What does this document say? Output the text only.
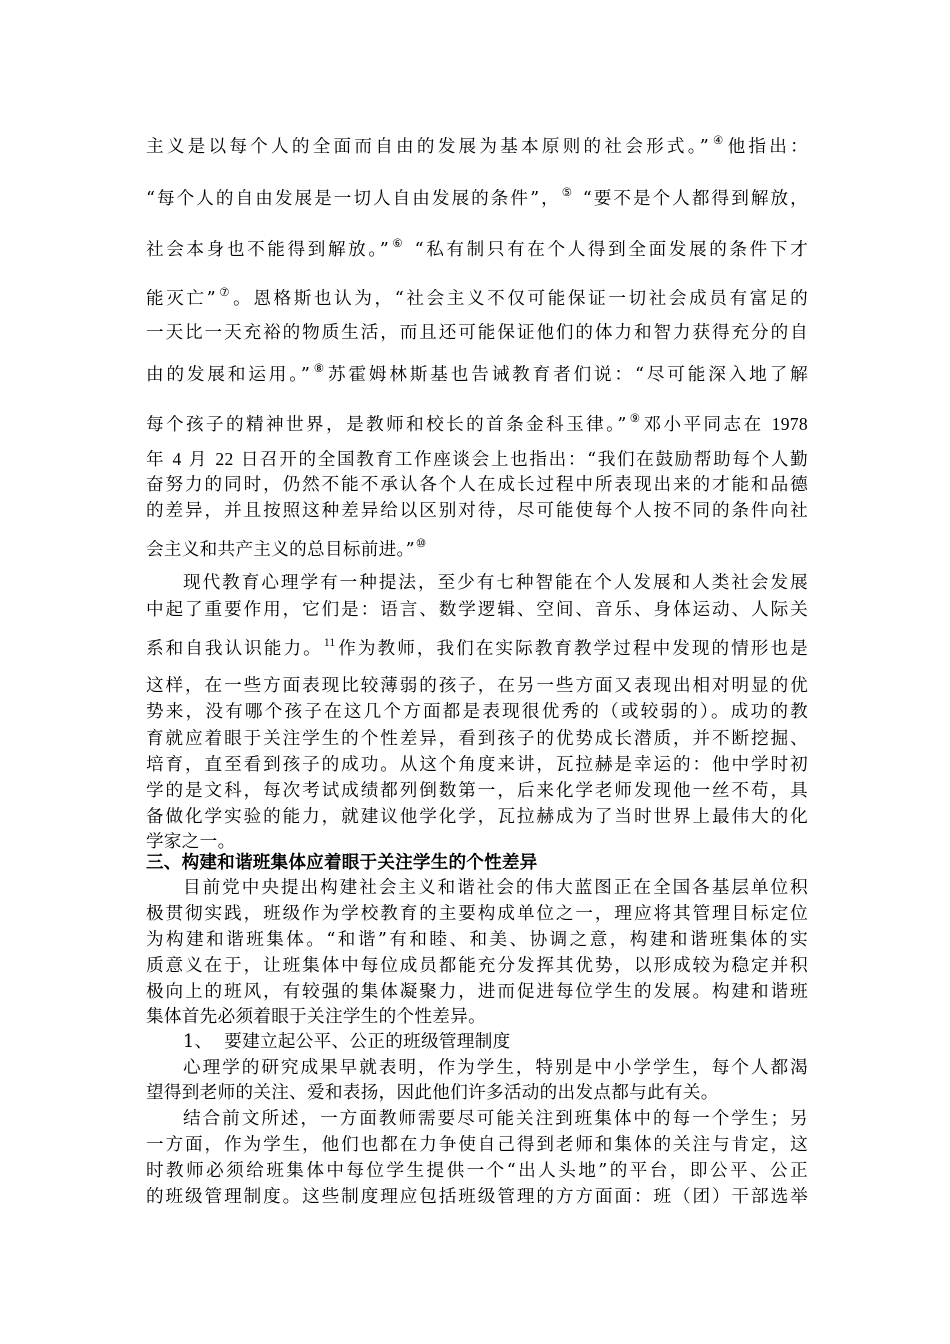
主义是以每个人的全面而自由的发展为基本原则的社会形式。”④他指出：

“每个人的自由发展是一切人自由发展的条件”，⑤ “要不是个人都得到解放，

社会本身也不能得到解放。”⑥ “私有制只有在个人得到全面发展的条件下才

能灭亡”⑦。恩格斯也认为，“社会主义不仅可能保证一切社会成员有富足的

一天比一天充裕的物质生活，而且还可能保证他们的体力和智力获得充分的自

由的发展和运用。”⑧苏霍姆林斯基也告诫教育者们说：“尽可能深入地了解

每个孩子的精神世界，是教师和校长的首条金科玉律。”⑨邓小平同志在 1978

年 4 月 22 日召开的全国教育工作座谈会上也指出：“我们在鼓励帮助每个人勤

奋努力的同时，仍然不能不承认各个人在成长过程中所表现出来的才能和品德

的差异，并且按照这种差异给以区别对待，尽可能使每个人按不同的条件向社

会主义和共产主义的总目标前进。”⑩

现代教育心理学有一种提法，至少有七种智能在个人发展和人类社会发展

中起了重要作用，它们是：语言、数学逻辑、空间、音乐、身体运动、人际关

系和自我认识能力。$^{11}$作为教师，我们在实际教育教学过程中发现的情形也是

这样，在一些方面表现比较薄弱的孩子，在另一些方面又表现出相对明显的优

势来，没有哪个孩子在这几个方面都是表现很优秀的（或较弱的）。成功的教

育就应着眼于关注学生的个性差异，看到孩子的优势成长潜质，并不断挖掘、

培育，直至看到孩子的成功。从这个角度来讲，瓦拉赫是幸运的：他中学时初

学的是文科，每次考试成绩都列倒数第一，后来化学老师发现他一丝不苟，具

备做化学实验的能力，就建议他学化学，瓦拉赫成为了当时世界上最伟大的化

学家之一。

三、构建和谐班集体应着眼于关注学生的个性差异

目前党中央提出构建社会主义和谐社会的伟大蓝图正在全国各基层单位积

极贯彻实践，班级作为学校教育的主要构成单位之一，理应将其管理目标定位

为构建和谐班集体。“和谐”有和睦、和美、协调之意，构建和谐班集体的实

质意义在于，让班集体中每位成员都能充分发挥其优势，以形成较为稳定并积

极向上的班风，有较强的集体凝聚力，进而促进每位学生的发展。构建和谐班

集体首先必须着眼于关注学生的个性差异。

1、 要建立起公平、公正的班级管理制度

心理学的研究成果早就表明，作为学生，特别是中小学学生，每个人都渴

望得到老师的关注、爱和表扬，因此他们许多活动的出发点都与此有关。

结合前文所述，一方面教师需要尽可能关注到班集体中的每一个学生；另

一方面，作为学生，他们也都在力争使自己得到老师和集体的关注与肯定，这

时教师必须给班集体中每位学生提供一个“出人头地”的平台，即公平、公正

的班级管理制度。这些制度理应包括班级管理的方方面面：班（团）干部选举
